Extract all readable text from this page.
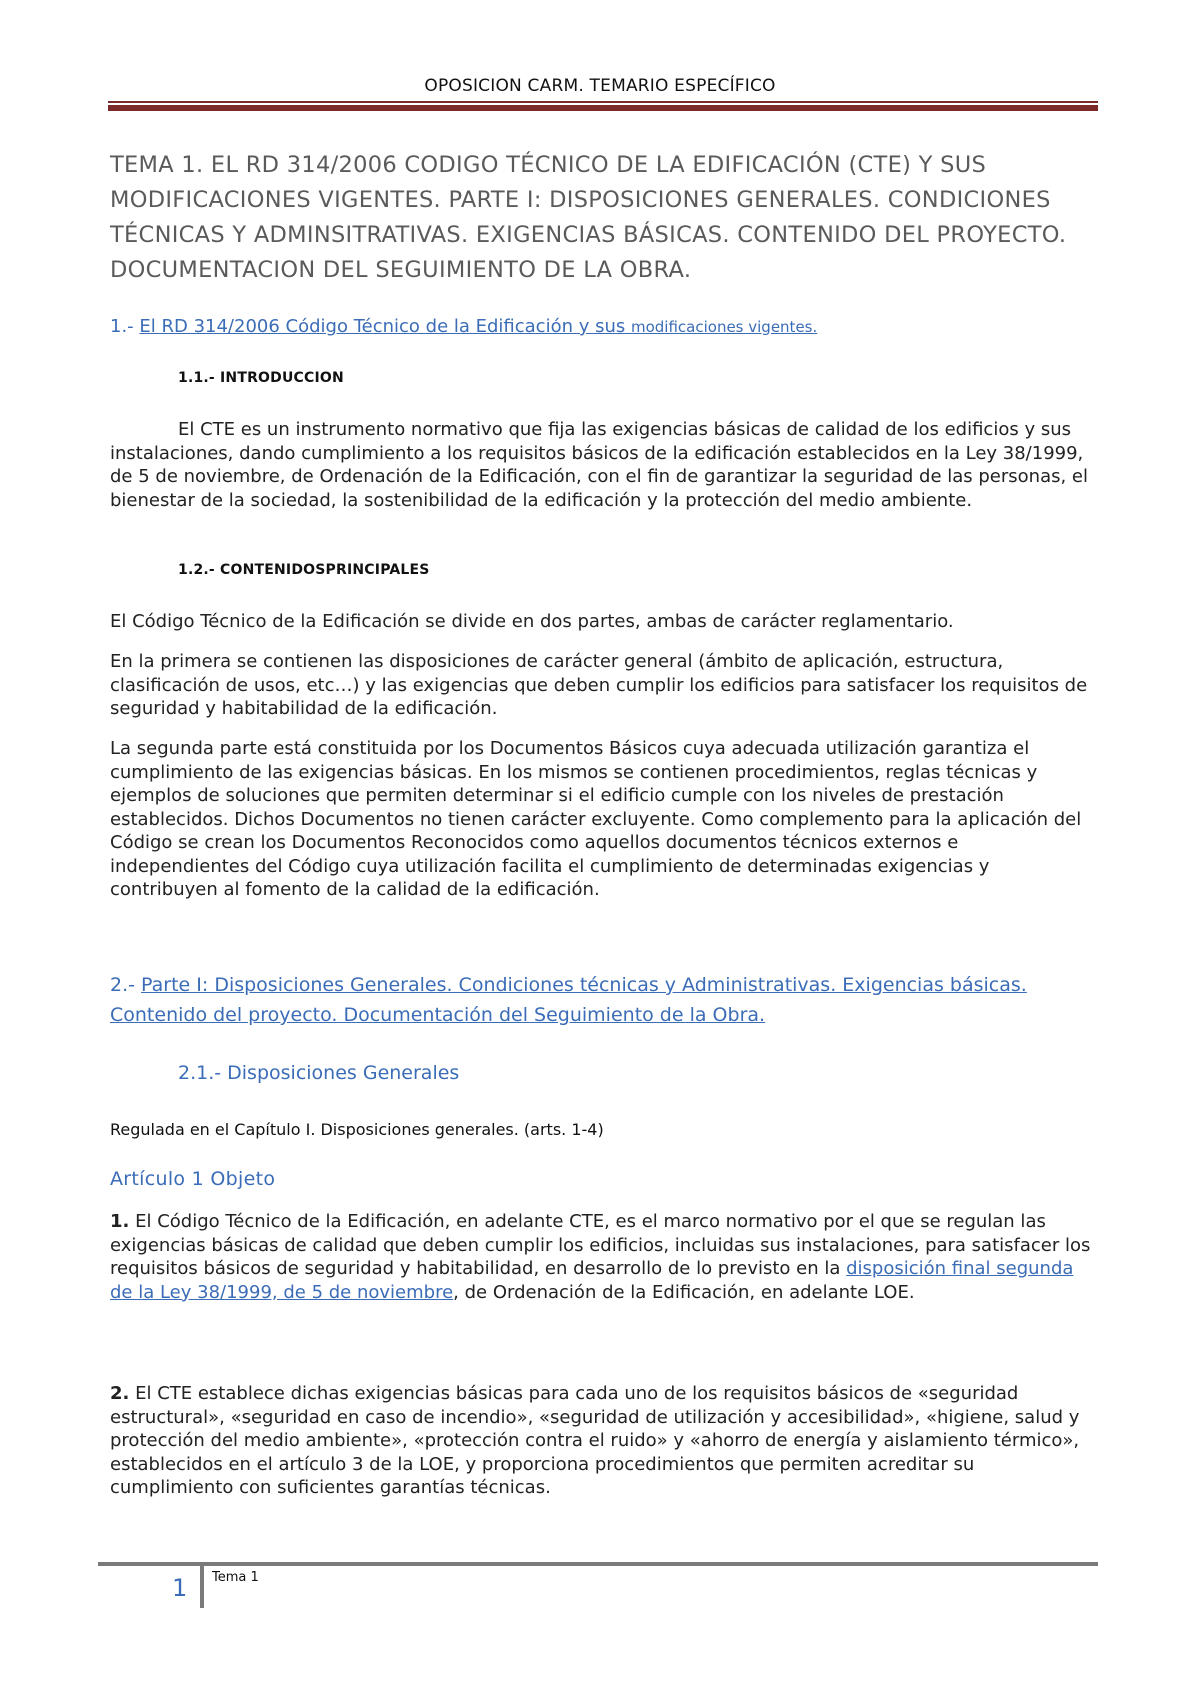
OPOSICION CARM. TEMARIO ESPECÍFICO
TEMA 1. EL RD 314/2006 CODIGO TÉCNICO DE LA EDIFICACIÓN (CTE) Y SUS MODIFICACIONES VIGENTES. PARTE I: DISPOSICIONES GENERALES. CONDICIONES TÉCNICAS Y ADMINSITRATIVAS. EXIGENCIAS BÁSICAS. CONTENIDO DEL PROYECTO. DOCUMENTACION DEL SEGUIMIENTO DE LA OBRA.
1.- El RD 314/2006 Código Técnico de la Edificación y sus modificaciones vigentes.
1.1.- INTRODUCCION
El CTE es un instrumento normativo que fija las exigencias básicas de calidad de los edificios y sus instalaciones, dando cumplimiento a los requisitos básicos de la edificación establecidos en la Ley 38/1999, de 5 de noviembre, de Ordenación de la Edificación, con el fin de garantizar la seguridad de las personas, el bienestar de la sociedad, la sostenibilidad de la edificación y la protección del medio ambiente.
1.2.- CONTENIDOSPRINCIPALES
El Código Técnico de la Edificación se divide en dos partes, ambas de carácter reglamentario.
En la primera se contienen las disposiciones de carácter general (ámbito de aplicación, estructura, clasificación de usos, etc…) y las exigencias que deben cumplir los edificios para satisfacer los requisitos de seguridad y habitabilidad de la edificación.
La segunda parte está constituida por los Documentos Básicos cuya adecuada utilización garantiza el cumplimiento de las exigencias básicas. En los mismos se contienen procedimientos, reglas técnicas y ejemplos de soluciones que permiten determinar si el edificio cumple con los niveles de prestación establecidos. Dichos Documentos no tienen carácter excluyente. Como complemento para la aplicación del Código se crean los Documentos Reconocidos como aquellos documentos técnicos externos e independientes del Código cuya utilización facilita el cumplimiento de determinadas exigencias y contribuyen al fomento de la calidad de la edificación.
2.- Parte I: Disposiciones Generales. Condiciones técnicas y Administrativas. Exigencias básicas. Contenido del proyecto. Documentación del Seguimiento de la Obra.
2.1.- Disposiciones Generales
Regulada en el Capítulo I. Disposiciones generales. (arts. 1-4)
Artículo 1 Objeto
1. El Código Técnico de la Edificación, en adelante CTE, es el marco normativo por el que se regulan las exigencias básicas de calidad que deben cumplir los edificios, incluidas sus instalaciones, para satisfacer los requisitos básicos de seguridad y habitabilidad, en desarrollo de lo previsto en la disposición final segunda de la Ley 38/1999, de 5 de noviembre, de Ordenación de la Edificación, en adelante LOE.
2. El CTE establece dichas exigencias básicas para cada uno de los requisitos básicos de «seguridad estructural», «seguridad en caso de incendio», «seguridad de utilización y accesibilidad», «higiene, salud y protección del medio ambiente», «protección contra el ruido» y «ahorro de energía y aislamiento térmico», establecidos en el artículo 3 de la LOE, y proporciona procedimientos que permiten acreditar su cumplimiento con suficientes garantías técnicas.
1 Tema 1
